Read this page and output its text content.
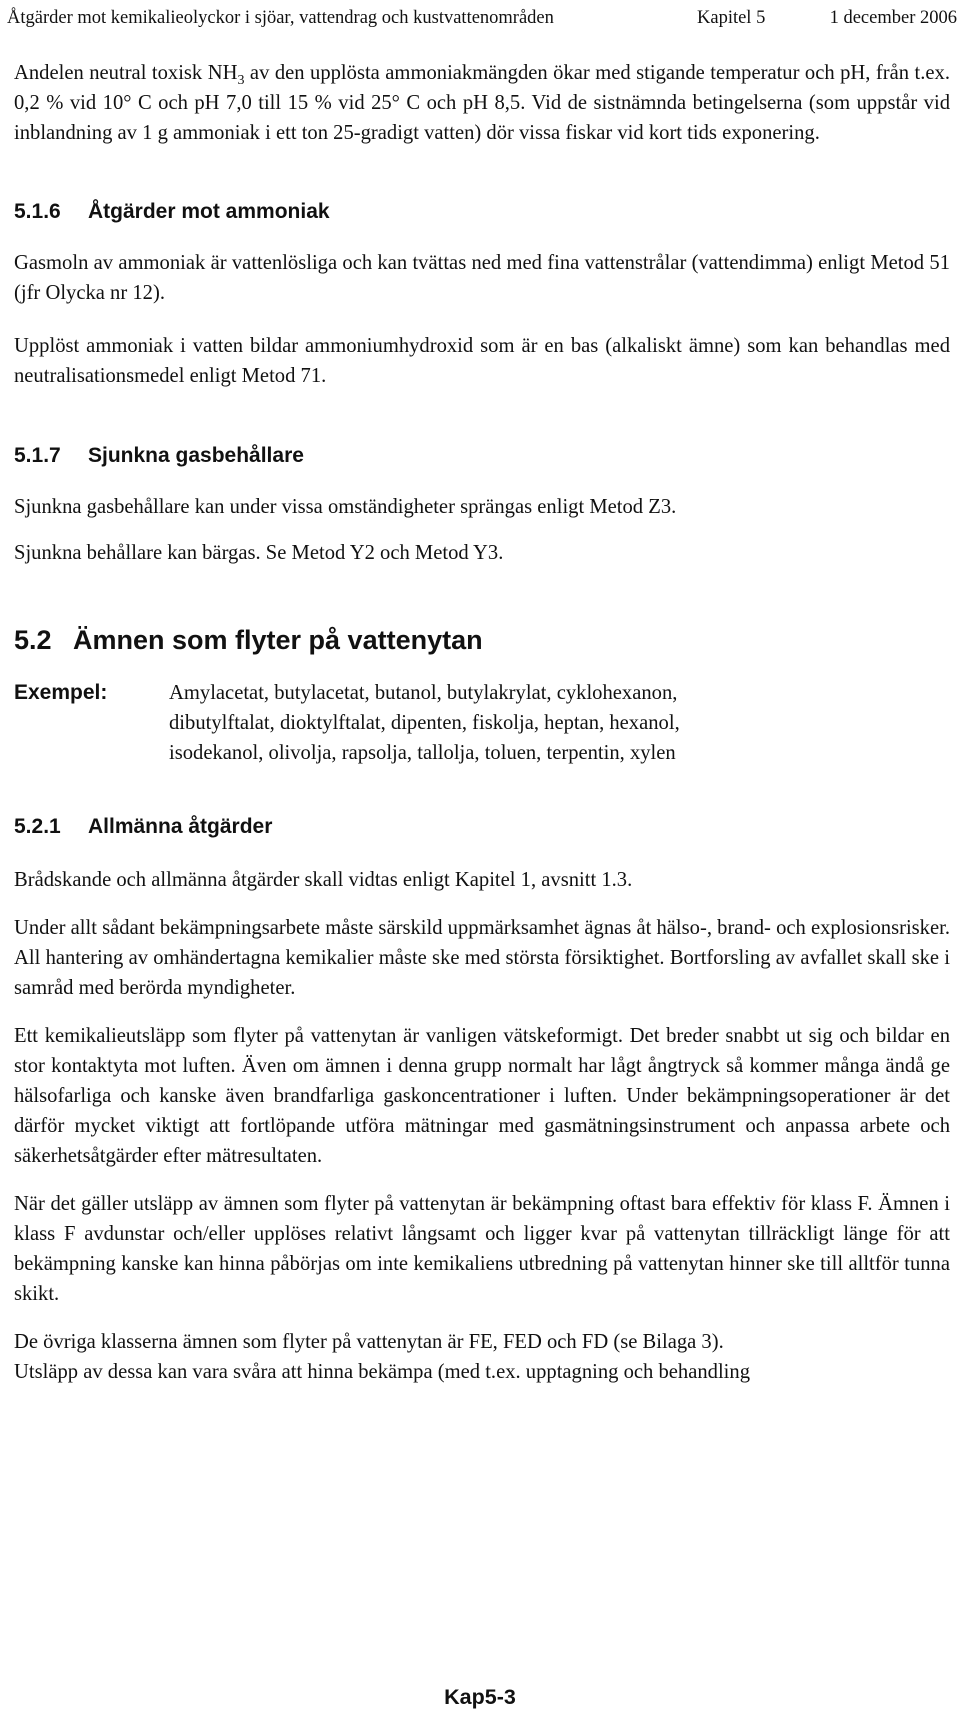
Åtgärder mot kemikalieolyckor i sjöar, vattendrag och kustvattenområden	Kapitel 5	1 december 2006

Andelen neutral toxisk $NH_3$ av den upplösta ammoniakmängden ökar med stigande temperatur och pH, från t.ex. 0,2 % vid 10° C och pH 7,0 till 15 % vid 25° C och pH 8,5. Vid de sistnämnda betingelserna (som uppstår vid inblandning av 1 g ammoniak i ett ton 25-gradigt vatten) dör vissa fiskar vid kort tids exponering.

5.1.6 Åtgärder mot ammoniak

Gasmoln av ammoniak är vattenlösliga och kan tvättas ned med fina vattenstrålar (vattendimma) enligt Metod 51 (jfr Olycka nr 12).

Upplöst ammoniak i vatten bildar ammoniumhydroxid som är en bas (alkaliskt ämne) som kan behandlas med neutralisationsmedel enligt Metod 71.

5.1.7 Sjunkna gasbehållare

Sjunkna gasbehållare kan under vissa omständigheter sprängas enligt Metod Z3.

Sjunkna behållare kan bärgas. Se Metod Y2 och Metod Y3.

5.2 Ämnen som flyter på vattenytan
Exempel:	Amylacetat, butylacetat, butanol, butylakrylat, cyklohexanon,
dibutylftalat, dioktylftalat, dipenten, fiskolja, heptan, hexanol,
isodekanol, olivolja, rapsolja, tallolja, toluen, terpentin, xylen
5.2.1 Allmänna åtgärder

Brådskande och allmänna åtgärder skall vidtas enligt Kapitel 1, avsnitt 1.3.

Under allt sådant bekämpningsarbete måste särskild uppmärksamhet ägnas åt hälso-, brand- och explosionsrisker. All hantering av omhändertagna kemikalier måste ske med största försiktighet. Bortforsling av avfallet skall ske i samråd med berörda myndigheter.

Ett kemikalieutsläpp som flyter på vattenytan är vanligen vätskeformigt. Det breder snabbt ut sig och bildar en stor kontaktyta mot luften. Även om ämnen i denna grupp normalt har lågt ångtryck så kommer många ändå ge hälsofarliga och kanske även brandfarliga gaskoncentrationer i luften. Under bekämpningsoperationer är det därför mycket viktigt att fortlöpande utföra mätningar med gasmätningsinstrument och anpassa arbete och säkerhetsåtgärder efter mätresultaten.

När det gäller utsläpp av ämnen som flyter på vattenytan är bekämpning oftast bara effektiv för klass F. Ämnen i klass F avdunstar och/eller upplöses relativt långsamt och ligger kvar på vattenytan tillräckligt länge för att bekämpning kanske kan hinna påbörjas om inte kemikaliens utbredning på vattenytan hinner ske till alltför tunna skikt.

De övriga klasserna ämnen som flyter på vattenytan är FE, FED och FD (se Bilaga 3).
Utsläpp av dessa kan vara svåra att hinna bekämpa (med t.ex. upptagning och behandling

Kap5-3
